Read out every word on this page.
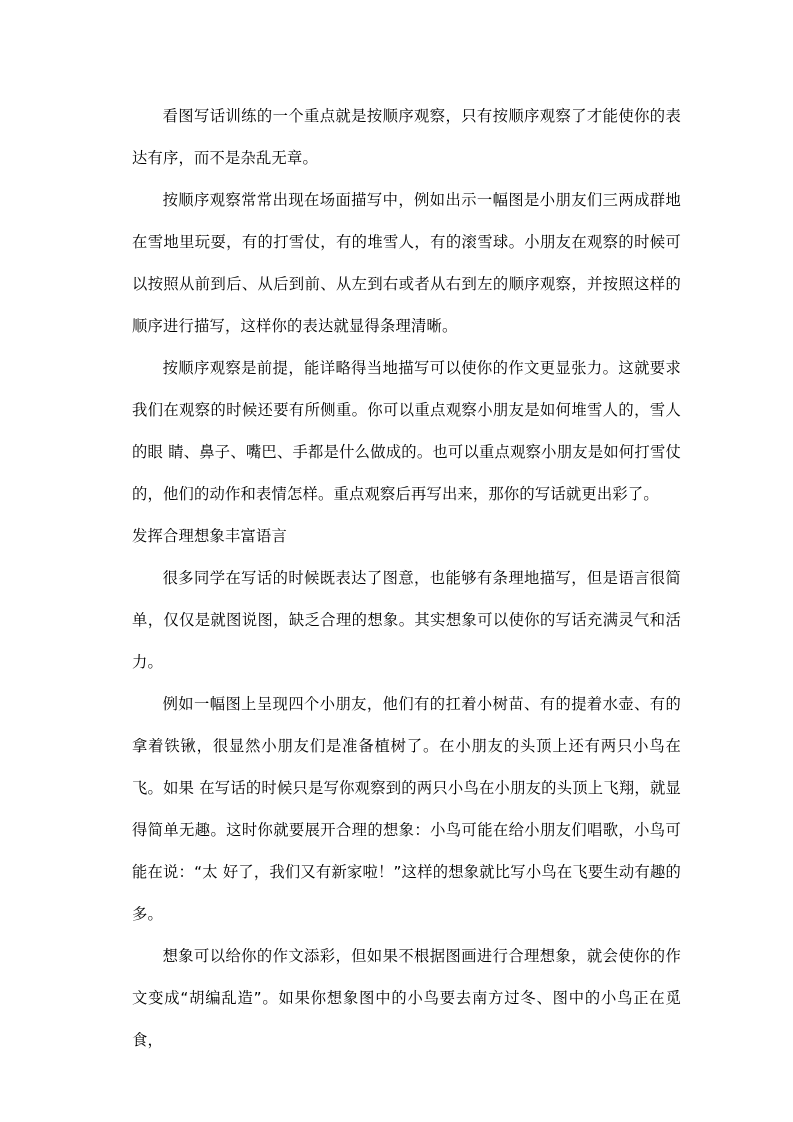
看图写话训练的一个重点就是按顺序观察，只有按顺序观察了才能使你的表达有序，而不是杂乱无章。

按顺序观察常常出现在场面描写中，例如出示一幅图是小朋友们三两成群地在雪地里玩耍，有的打雪仗，有的堆雪人，有的滚雪球。小朋友在观察的时候可以按照从前到后、从后到前、从左到右或者从右到左的顺序观察，并按照这样的顺序进行描写，这样你的表达就显得条理清晰。

按顺序观察是前提，能详略得当地描写可以使你的作文更显张力。这就要求我们在观察的时候还要有所侧重。你可以重点观察小朋友是如何堆雪人的，雪人的眼 睛、鼻子、嘴巴、手都是什么做成的。也可以重点观察小朋友是如何打雪仗的，他们的动作和表情怎样。重点观察后再写出来，那你的写话就更出彩了。

发挥合理想象丰富语言

很多同学在写话的时候既表达了图意，也能够有条理地描写，但是语言很简单，仅仅是就图说图，缺乏合理的想象。其实想象可以使你的写话充满灵气和活力。

例如一幅图上呈现四个小朋友，他们有的扛着小树苗、有的提着水壶、有的拿着铁锹，很显然小朋友们是准备植树了。在小朋友的头顶上还有两只小鸟在飞。如果 在写话的时候只是写你观察到的两只小鸟在小朋友的头顶上飞翔，就显得简单无趣。这时你就要展开合理的想象：小鸟可能在给小朋友们唱歌，小鸟可能在说：“太 好了，我们又有新家啦！”这样的想象就比写小鸟在飞要生动有趣的多。

想象可以给你的作文添彩，但如果不根据图画进行合理想象，就会使你的作文变成“胡编乱造”。如果你想象图中的小鸟要去南方过冬、图中的小鸟正在觅食，
